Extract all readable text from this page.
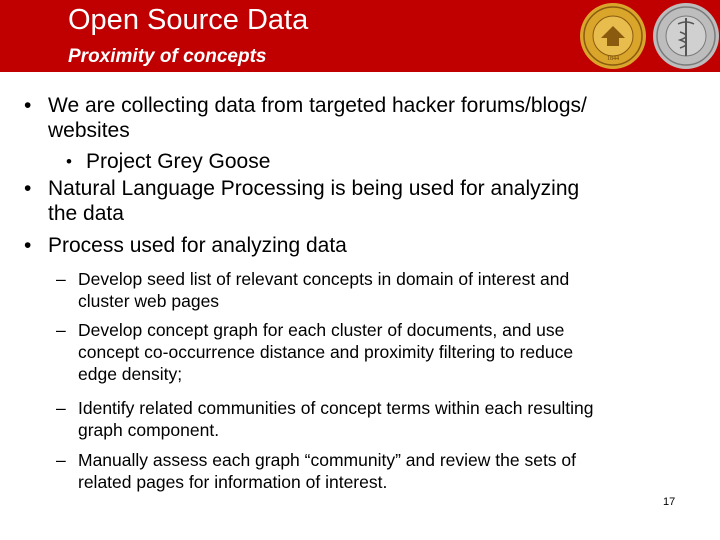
Open Source Data
Proximity of concepts	1844
• We are collecting data from targeted hacker forums/blogs/
websites
• Project Grey Goose
• Natural Language Processing is being used for analyzing
the data
• Process used for analyzing data
– Develop seed list of relevant concepts in domain of interest and
cluster web pages
– Develop concept graph for each cluster of documents, and use
concept co-occurrence distance and proximity filtering to reduce
edge density;
– Identify related communities of concept terms within each resulting
graph component.
– Manually assess each graph “community” and review the sets of
related pages for information of interest.
17
